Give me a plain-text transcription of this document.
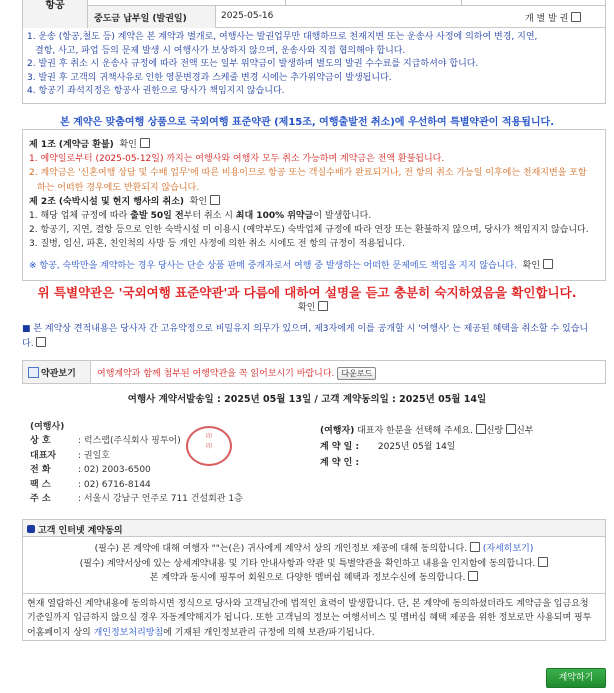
항공
중도금 납부일 (발권일)	2025-05-16	개 별 발 권
1. 운송 (항공,철도 등) 계약은 본 계약과 별개로, 여행사는 발권업무만 대행하므로 천재지변 또는 운송사 사정에 의하여 변경, 지연,
결항, 사고, 파업 등의 문제 발생 시 여행사가 보상하지 않으며, 운송사와 직접 협의해야 합니다.
2. 발권 후 취소 시 운송사 규정에 따라 전액 또는 일부 위약금이 발생하며 별도의 발권 수수료를 지급하셔야 합니다.
3. 발권 후 고객의 귀책사유로 인한 영문변경과 스케줄 변경 시에는 추가위약금이 발생됩니다.
4. 항공기 좌석지정은 항공사 권한으로 당사가 책임지지 않습니다.
본 계약은 맞춤여행 상품으로 국외여행 표준약관 (제15조, 여행출발전 취소)에 우선하여 특별약관이 적용됩니다.
제 1조 (계약금 환불) 확인
1. 예약일로부터 (2025-05-12일) 까지는 여행사와 여행자 모두 취소 가능하며 계약금은 전액 환불됩니다.
2. 계약금은 '신혼여행 상담 및 수배 업무'에 따른 비용이므로 항공 또는 객실수배가 완료되거나, 전 항의 취소 가능일 이후에는 천재지변을 포함
하는 어떠한 경우에도 반환되지 않습니다.
제 2조 (숙박시설 및 현지 행사의 취소) 확인
1. 해당 업체 규정에 따라 출발 50일 전부터 취소 시 최대 100% 위약금이 발생합니다.
2. 항공기, 지연, 결항 등으로 인한 숙박시설 미 이용시 (예약부도) 숙박업체 규정에 따라 연장 또는 환불하지 않으며, 당사가 책임지지 않습니다.
3. 질병, 임신, 파혼, 친인척의 사망 등 개인 사정에 의한 취소 시에도 전 항의 규정이 적용됩니다.
※ 항공, 숙박만을 계약하는 경우 당사는 단순 상품 판매 중개자로서 여행 중 발생하는 어떠한 문제에도 책임을 지지 않습니다. 확인
위 특별약관은 '국외여행 표준약관'과 다름에 대하여 설명을 듣고 충분히 숙지하였음을 확인합니다.
확인
■ 본 계약상 견적내용은 당사자 간 고유약정으로 비밀유지 의무가 있으며, 제3자에게 이를 공개할 시 '여행사' 는 제공된 혜택을 취소할 수 있습니
다.
약관보기	여행계약과 함께 첨부된 여행약관을 꼭 읽어보시기 바랍니다. 다운로드
여행사 계약서발송일 : 2025년 05월 13일 / 고객 계약동의일 : 2025년 05월 14일
(여행사)
상 호	: 럭스랩(주식회사 핑투어)
대표자 : 권일호
전 화	: 02) 2003-6500
팩 스	: 02) 6716-8144
주 소	: 서울시 강남구 언주로 711 건설회관 1층
印
印
(여행자) 대표자 한분을 선택해 주세요. 신랑 신부
계 약 일 : 2025년 05월 14일
계 약 인 :
고객 인터넷 계약동의
(필수) 본 계약에 대해 여행자 ""는(은) 귀사에게 계약서 상의 개인정보 제공에 대해 동의합니다. (자세히보기)
(필수) 계약서상에 있는 상세계약내용 및 기타 안내사항과 약관 및 특별약관을 확인하고 내용을 인지함에 동의합니다.
본 계약과 동시에 핑투어 회원으로 다양한 멤버쉽 혜택과 정보수신에 동의합니다.
현재 열람하신 계약내용에 동의하시면 정식으로 당사와 고객님간에 법적인 효력이 발생합니다. 단, 본 계약에 동의하셨더라도 계약금을 입금요청
기준일까지 입금하지 않으실 경우 자동계약해지가 됩니다. 또한 고객님의 정보는 여행서비스 및 멤버십 혜택 제공을 위한 정보로만 사용되며 핑투
어홈페이지 상의 개인정보처리방침에 기재된 개인정보관리 규정에 의해 보관/파기됩니다.
계약하기
